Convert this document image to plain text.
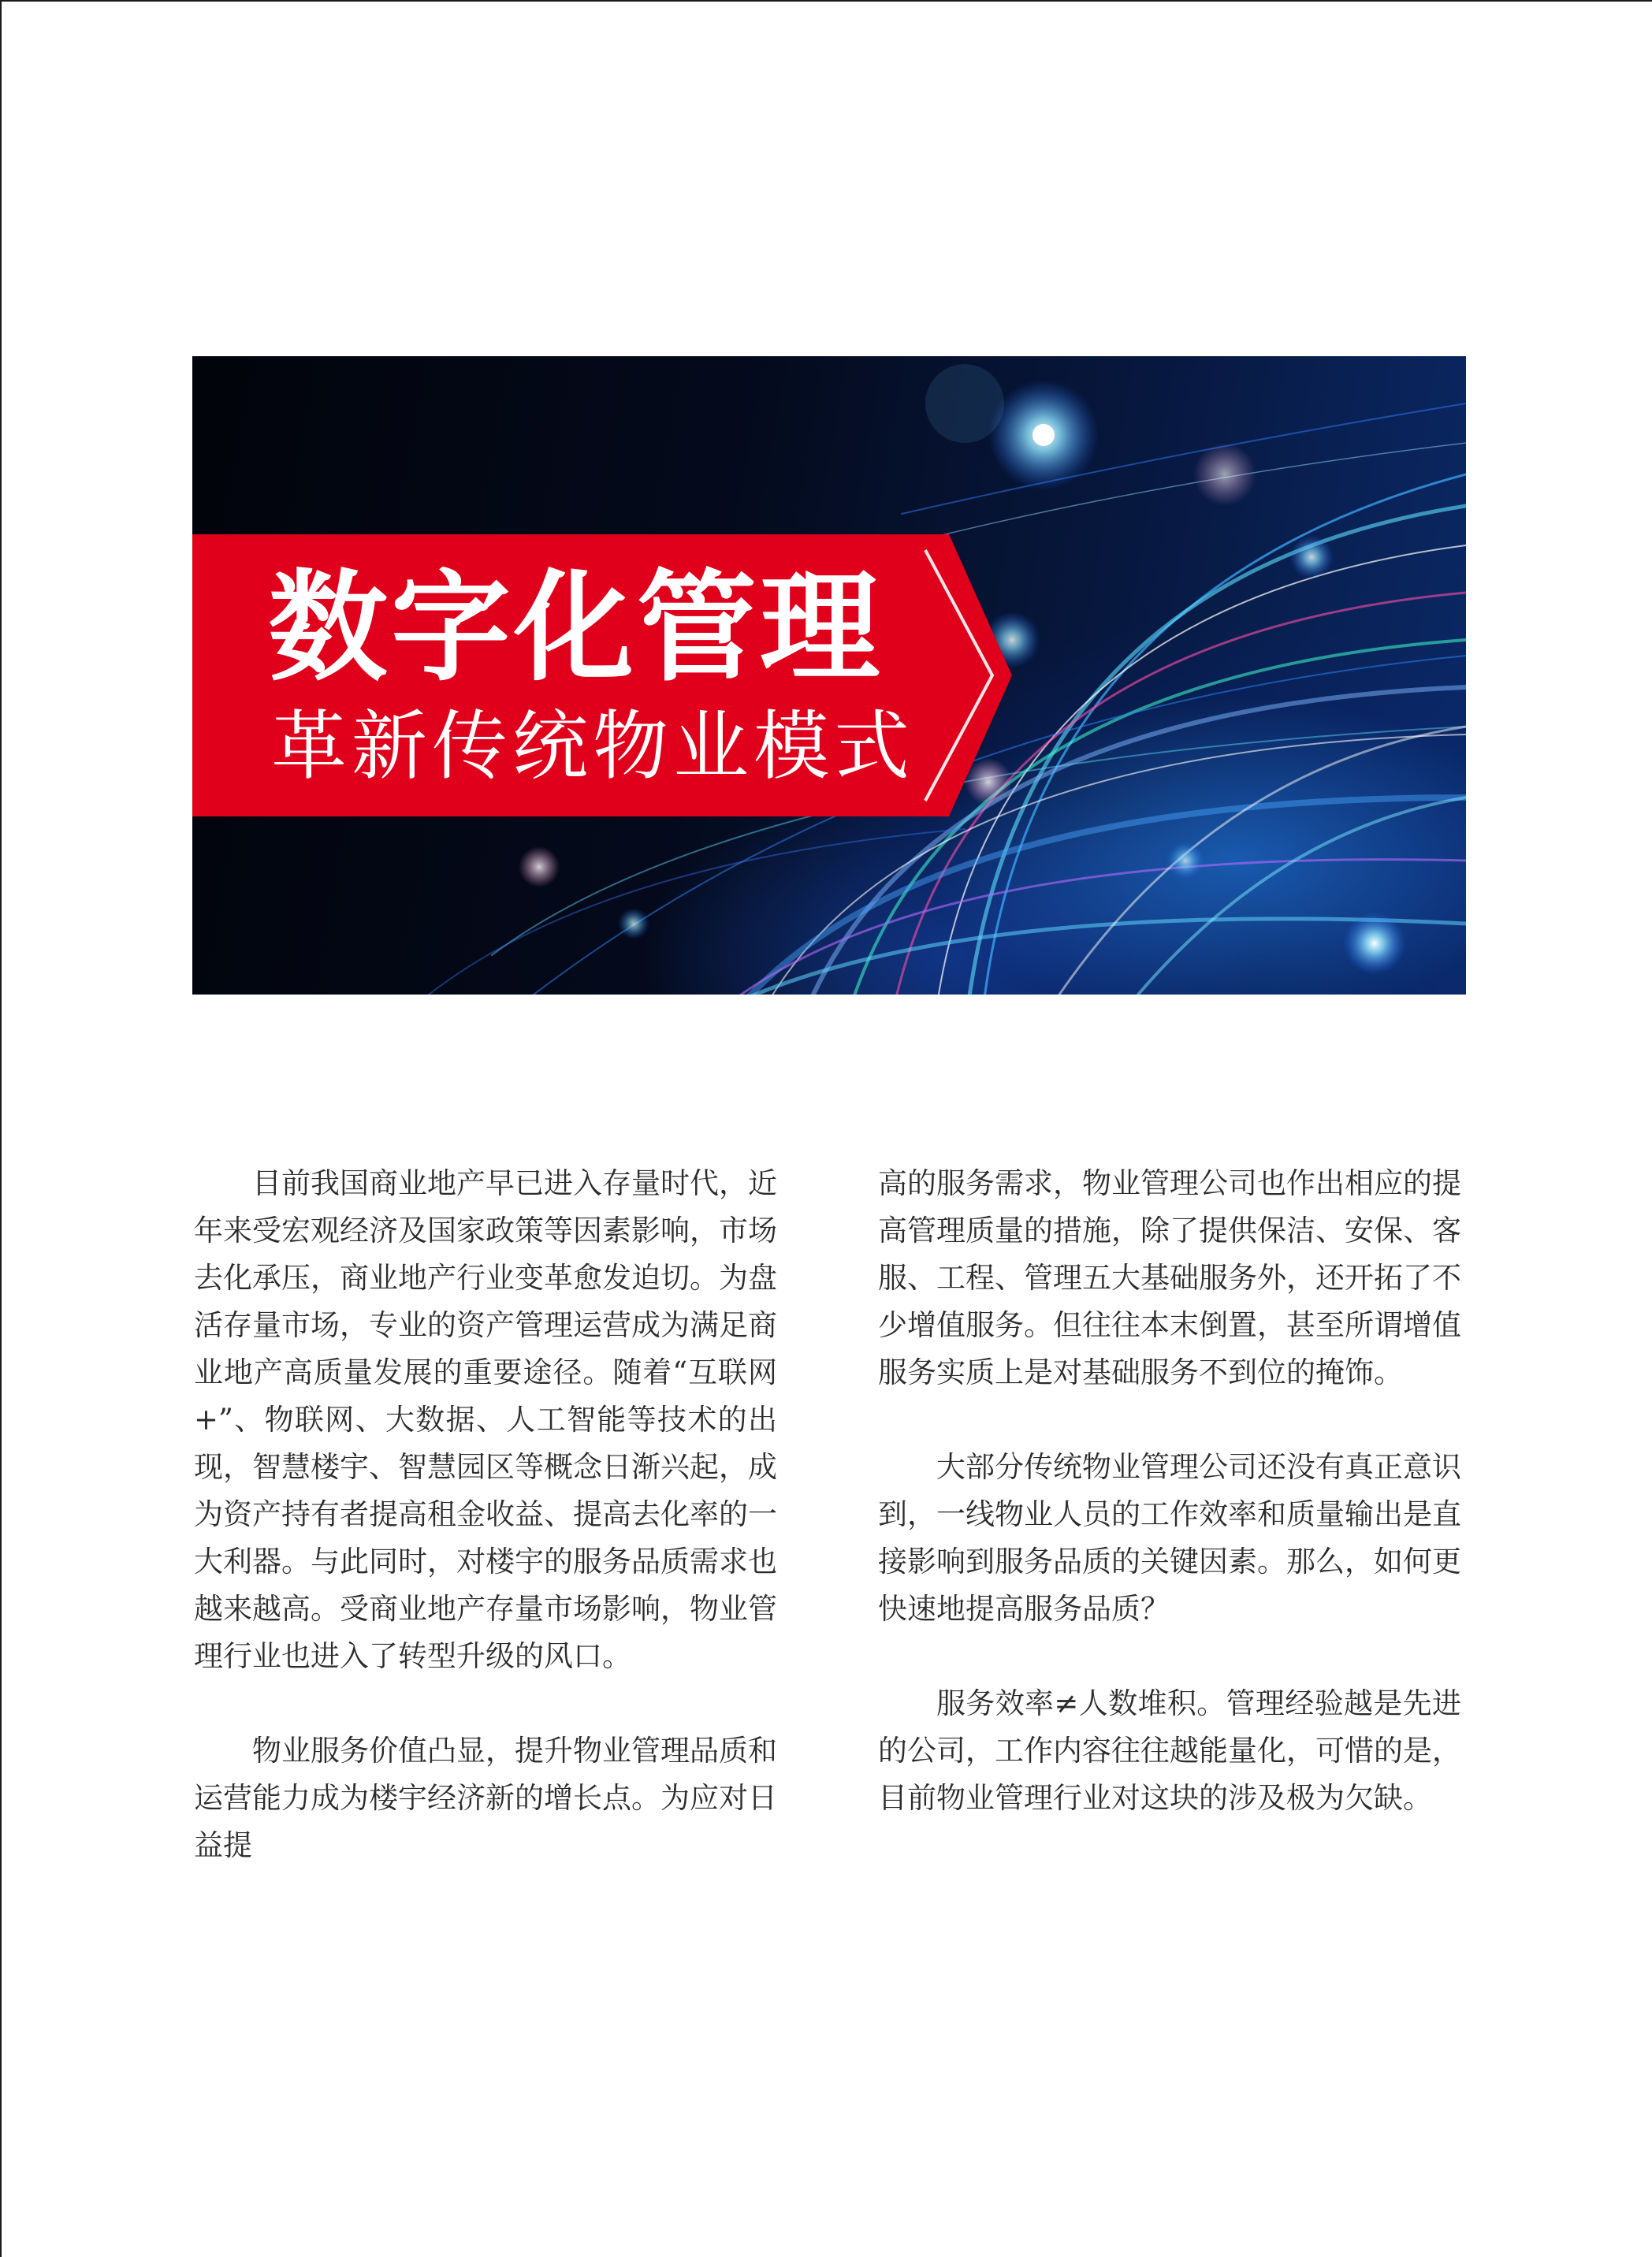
数字化管理
革新传统物业模式

目前我国商业地产早已进入存量时代，近年来受宏观经济及国家政策等因素影响，市场去化承压，商业地产行业变革愈发迫切。为盘活存量市场，专业的资产管理运营成为满足商业地产高质量发展的重要途径。随着“互联网+”、物联网、大数据、人工智能等技术的出现，智慧楼宇、智慧园区等概念日渐兴起，成为资产持有者提高租金收益、提高去化率的一大利器。与此同时，对楼宇的服务品质需求也越来越高。受商业地产存量市场影响，物业管理行业也进入了转型升级的风口。

物业服务价值凸显，提升物业管理品质和运营能力成为楼宇经济新的增长点。为应对日益提

高的服务需求，物业管理公司也作出相应的提高管理质量的措施，除了提供保洁、安保、客服、工程、管理五大基础服务外，还开拓了不少增值服务。但往往本末倒置，甚至所谓增值服务实质上是对基础服务不到位的掩饰。

大部分传统物业管理公司还没有真正意识到，一线物业人员的工作效率和质量输出是直接影响到服务品质的关键因素。那么，如何更快速地提高服务品质？

服务效率≠人数堆积。管理经验越是先进的公司，工作内容往往越能量化，可惜的是，目前物业管理行业对这块的涉及极为欠缺。
